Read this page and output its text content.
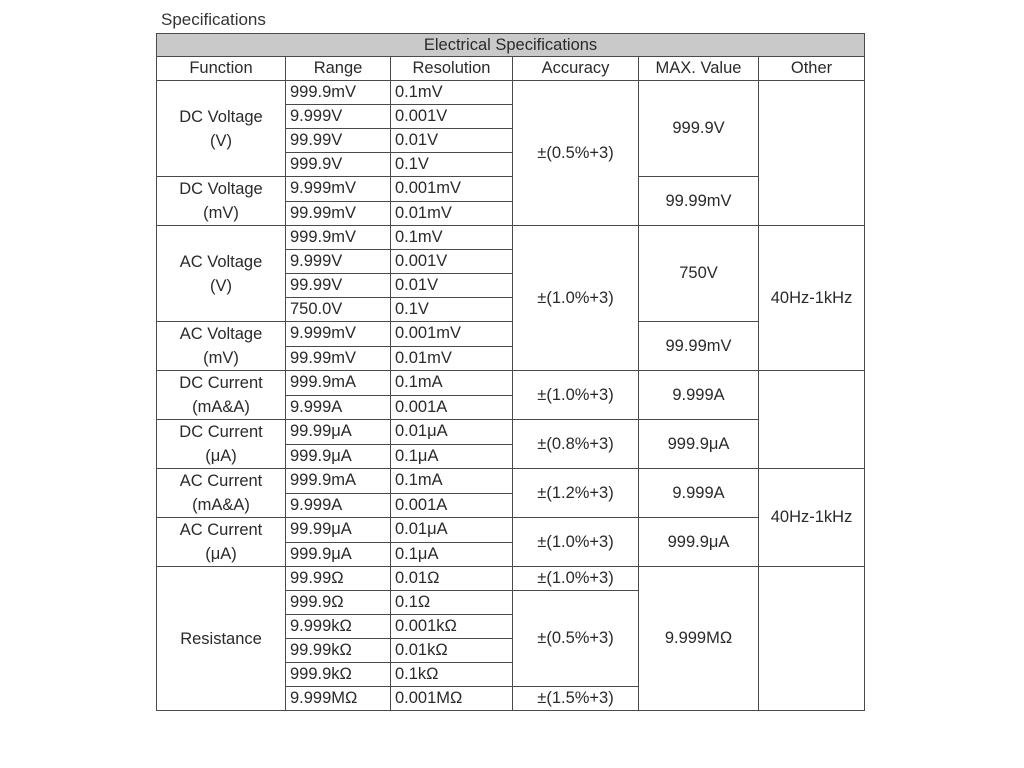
Specifications
Electrical Specifications					
Function	Range	Resolution	Accuracy	MAX. Value	Other

DC Voltage
(V)	999.9mV	0.1mV	±(0.5%+3)	999.9V	
	9.999V	0.001V			
	99.99V	0.01V			
	999.9V	0.1V			

DC Voltage
(mV)	9.999mV	0.001mV		99.99mV	
	99.99mV	0.01mV			

AC Voltage
(V)	999.9mV	0.1mV	±(1.0%+3)	750V	40Hz-1kHz
	9.999V	0.001V			
	99.99V	0.01V			
	750.0V	0.1V			

AC Voltage
(mV)	9.999mV	0.001mV		99.99mV	
	99.99mV	0.01mV			

DC Current
(mA&A)	999.9mA	0.1mA	±(1.0%+3)	9.999A	
	9.999A	0.001A			

DC Current
(μA)	99.99μA	0.01μA	±(0.8%+3)	999.9μA	
	999.9μA	0.1μA			

AC Current
(mA&A)	999.9mA	0.1mA	±(1.2%+3)	9.999A	40Hz-1kHz
	9.999A	0.001A			

AC Current
(μA)	99.99μA	0.01μA	±(1.0%+3)	999.9μA	
	999.9μA	0.1μA			

Resistance	99.99Ω	0.01Ω	±(1.0%+3)	9.999MΩ	
	999.9Ω	0.1Ω	±(0.5%+3)		
	9.999kΩ	0.001kΩ			
	99.99kΩ	0.01kΩ			
	999.9kΩ	0.1kΩ			
	9.999MΩ	0.001MΩ	±(1.5%+3)		
